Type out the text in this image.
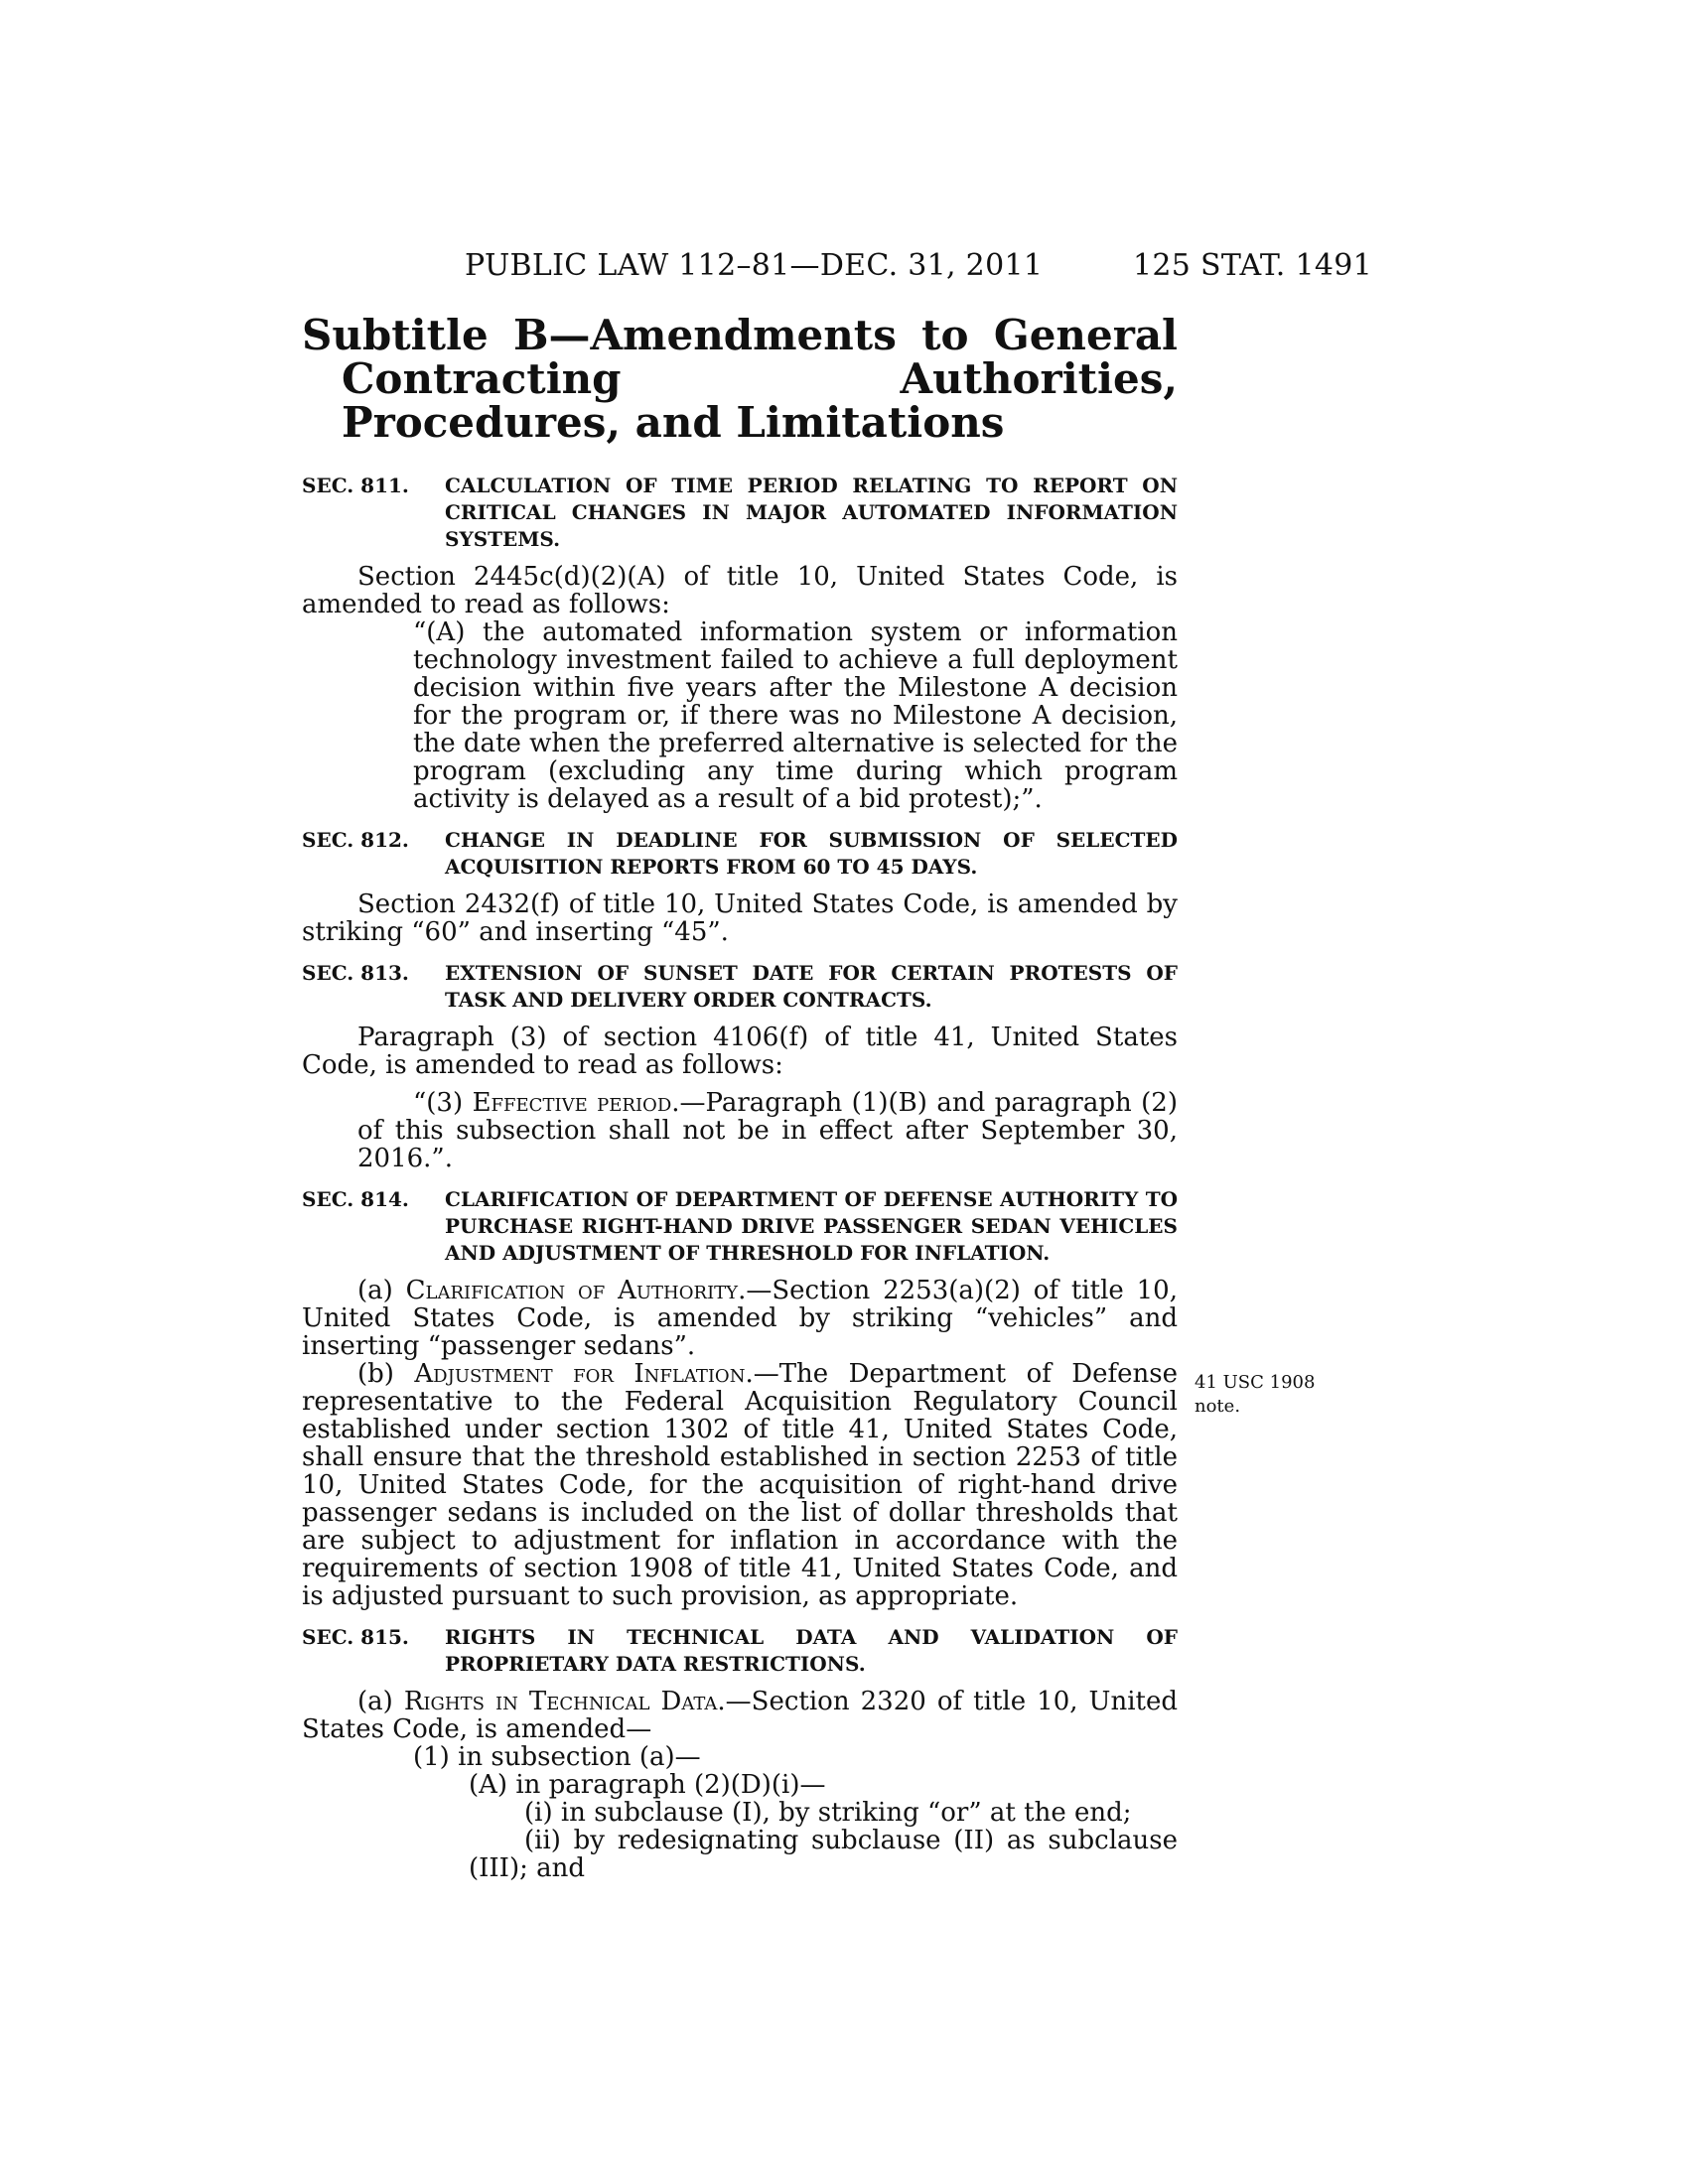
PUBLIC LAW 112–81—DEC. 31, 2011	125 STAT. 1491
Subtitle B—Amendments to General Contracting Authorities, Procedures, and Limitations
SEC. 811.	CALCULATION OF TIME PERIOD RELATING TO REPORT ON CRITICAL CHANGES IN MAJOR AUTOMATED INFORMATION SYSTEMS.
Section 2445c(d)(2)(A) of title 10, United States Code, is amended to read as follows:
“(A) the automated information system or information technology investment failed to achieve a full deployment decision within five years after the Milestone A decision for the program or, if there was no Milestone A decision, the date when the preferred alternative is selected for the program (excluding any time during which program activity is delayed as a result of a bid protest);”.
SEC. 812.	CHANGE IN DEADLINE FOR SUBMISSION OF SELECTED ACQUISITION REPORTS FROM 60 TO 45 DAYS.
Section 2432(f) of title 10, United States Code, is amended by striking “60” and inserting “45”.
SEC. 813.	EXTENSION OF SUNSET DATE FOR CERTAIN PROTESTS OF TASK AND DELIVERY ORDER CONTRACTS.
Paragraph (3) of section 4106(f) of title 41, United States Code, is amended to read as follows:
“(3) Effective period.—Paragraph (1)(B) and paragraph (2) of this subsection shall not be in effect after September 30, 2016.”.
SEC. 814.	CLARIFICATION OF DEPARTMENT OF DEFENSE AUTHORITY TO PURCHASE RIGHT-HAND DRIVE PASSENGER SEDAN VEHICLES AND ADJUSTMENT OF THRESHOLD FOR INFLATION.
(a) Clarification of Authority.—Section 2253(a)(2) of title 10, United States Code, is amended by striking “vehicles” and inserting “passenger sedans”.
(b) Adjustment for Inflation.—The Department of Defense representative to the Federal Acquisition Regulatory Council established under section 1302 of title 41, United States Code, shall ensure that the threshold established in section 2253 of title 10, United States Code, for the acquisition of right-hand drive passenger sedans is included on the list of dollar thresholds that are subject to adjustment for inflation in accordance with the requirements of section 1908 of title 41, United States Code, and is adjusted pursuant to such provision, as appropriate.
SEC. 815.	RIGHTS IN TECHNICAL DATA AND VALIDATION OF PROPRIETARY DATA RESTRICTIONS.
(a) Rights in Technical Data.—Section 2320 of title 10, United States Code, is amended—
(1) in subsection (a)—
(A) in paragraph (2)(D)(i)—
(i) in subclause (I), by striking “or” at the end;
(ii) by redesignating subclause (II) as subclause (III); and
41 USC 1908
note.
